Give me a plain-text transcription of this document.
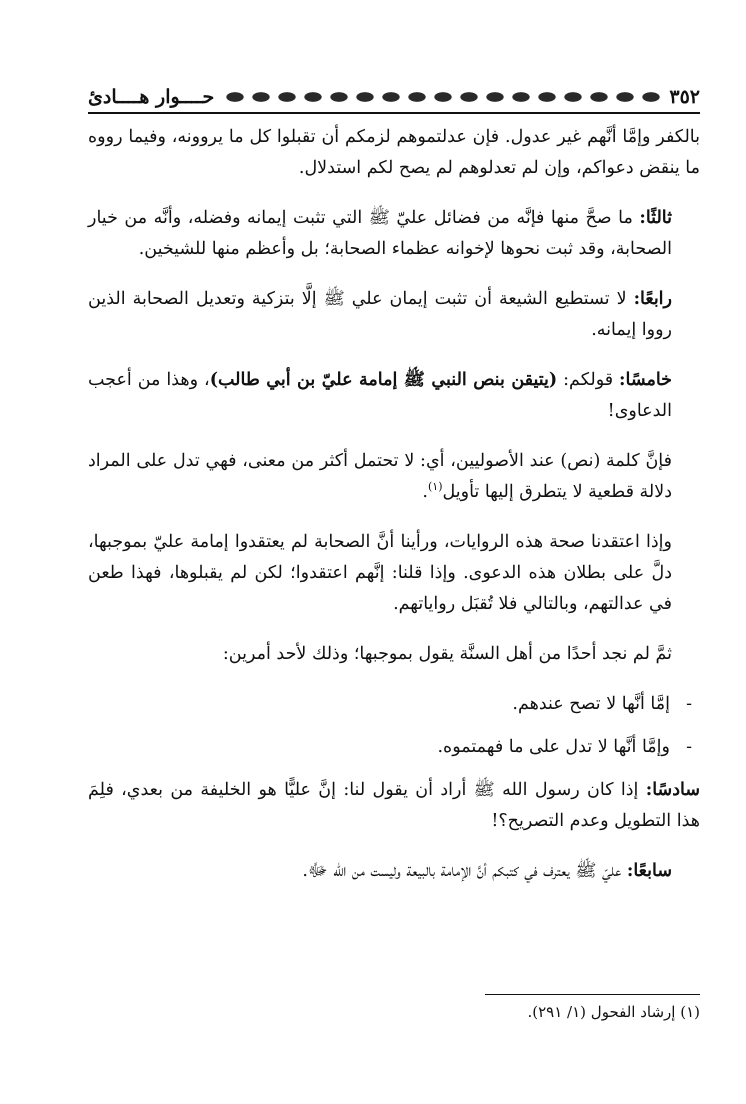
٣٥٢
حــــوار هــــادئ

بالكفر وإمَّا أنَّهم غير عدول. فإن عدلتموهم لزمكم أن تقبلوا كل ما يروونه، وفيما رووه ما ينقض دعواكم، وإن لم تعدلوهم لم يصح لكم استدلال.

ثالثًا: ما صحَّ منها فإنَّه من فضائل عليّ ﷺ التي تثبت إيمانه وفضله، وأنَّه من خيار الصحابة، وقد ثبت نحوها لإخوانه عظماء الصحابة؛ بل وأعظم منها للشيخين.

رابعًا: لا تستطيع الشيعة أن تثبت إيمان علي ﷺ إلَّا بتزكية وتعديل الصحابة الذين رووا إيمانه.

خامسًا: قولكم: (يتيقن بنص النبي ﷺ إمامة عليّ بن أبي طالب)، وهذا من أعجب الدعاوى!

فإنَّ كلمة (نص) عند الأصوليين، أي: لا تحتمل أكثر من معنى، فهي تدل على المراد دلالة قطعية لا يتطرق إليها تأويل$^{(١)}$.

وإذا اعتقدنا صحة هذه الروايات، ورأينا أنَّ الصحابة لم يعتقدوا إمامة عليّ بموجبها، دلَّ على بطلان هذه الدعوى. وإذا قلنا: إنَّهم اعتقدوا؛ لكن لم يقبلوها، فهذا طعن في عدالتهم، وبالتالي فلا تُقبَل رواياتهم.

ثمَّ لم نجد أحدًا من أهل السنَّة يقول بموجبها؛ وذلك لأحد أمرين:

-
إمَّا أنَّها لا تصح عندهم.
-
وإمَّا أنَّها لا تدل على ما فهمتموه.

سادسًا: إذا كان رسول الله ﷺ أراد أن يقول لنا: إنَّ عليًّا هو الخليفة من بعدي، فلِمَ هذا التطويل وعدم التصريح؟!

سابعًا: عليّ ﷺ يعترف في كتبكم أنَّ الإمامة بالبيعة وليست من الله ﷻ.

(١) إرشاد الفحول (١/ ٢٩١).
